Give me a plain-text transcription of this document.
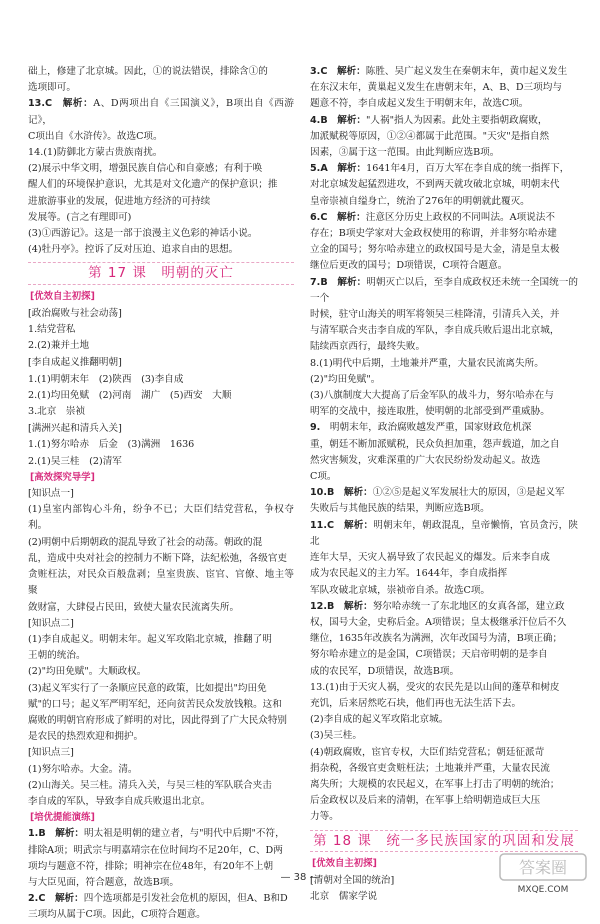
础上，修建了北京城。因此，①的说法错误，排除含①的

选项即可。

13.C　 解析：A、D两项出自《三国演义》，B项出自《西游记》，

C项出自《水浒传》。故选C项。

14.(1)防御北方蒙古贵族南扰。

(2)展示中华文明，增强民族自信心和自豪感；有利于唤

醒人们的环境保护意识，尤其是对文化遗产的保护意识；推

进旅游事业的发展，促进地方经济的可持续

发展等。(言之有理即可)

(3)①西游记》。这是一部于浪漫主义色彩的神话小说。

(4)牡丹亭》。控诉了反对压迫、追求自由的思想。

第 17 课　明朝的灭亡
[ 优效自主初探 ]

[政治腐败与社会动荡]

1.结党营私

2.(2)兼并土地

[李自成起义推翻明朝]

1.(1)明朝末年　(2)陕西　(3)李自成

2.(1)均田免赋　(2)河南　湖广　(5)西安　大顺

3.北京　崇祯

[满洲兴起和清兵入关]

1.(1)努尔哈赤　后金　(3)满洲　1636

2.(1)吴三桂　(2)清军

[ 高效探究导学 ]

[知识点一]

(1)皇室内部钩心斗角，纷争不已；大臣们结党营私，争权夺利。

(2)明朝中后期朝政的混乱导致了社会的动荡。朝政的混

乱，造成中央对社会的控制力不断下降，法纪松弛，各级官吏

贪赃枉法，对民众百般盘剥；皇室贵族、宦官、官僚、地主等聚

敛财富，大肆侵占民田，致使大量农民流离失所。

[知识点二]

(1)李自成起义。明朝末年。起义军攻陷北京城，推翻了明

王朝的统治。

(2)"均田免赋"。大顺政权。

(3)起义军实行了一条顺应民意的政策，比如提出"均田免

赋"的口号；起义军严明军纪，还向贫苦民众发放钱粮。这和

腐败的明朝官府形成了鲜明的对比，因此得到了广大民众特别

是农民的热烈欢迎和拥护。

[知识点三]

(1)努尔哈赤。大金。清。

(2)山海关。吴三桂。清兵入关，与吴三桂的军队联合夹击

李自成的军队，导致李自成兵败退出北京。

[ 培优提能演练 ]

1.B　 解析：明太祖是明朝的建立者，与"明代中后期"不符，

排除A项；明武宗与明嘉靖宗在位时间均不足20年，C、D两

项均与题意不符，排除；明神宗在位48年，有20年不上朝

与大臣见面，符合题意，故选B项。

2.C　 解析：四个选项都是引发社会危机的原因，但A、B和D

三项均从属于C项。因此，C项符合题意。

3.C　 解析：陈胜、吴广起义发生在秦朝末年，黄巾起义发生

在东汉末年，黄巢起义发生在唐朝末年，A、B、D三项均与

题意不符，李自成起义发生于明朝末年，故选C项。

4.B　 解析："人祸"指人为因素。此处主要指朝政腐败，

加派赋税等原因，①②④都属于此范围。"天灾"是指自然

因素，③属于这一范围。由此判断应选B项。

5.A　 解析：1641年4月，百万大军在李自成的统一指挥下，

对北京城发起猛烈进攻，不到两天就攻破北京城，明朝末代

皇帝崇祯自缢身亡，统治了276年的明朝就此覆灭。

6.C　 解析：注意区分历史上政权的不同叫法。A项说法不

存在；B项史学家对大金政权使用的称谓，并非努尔哈赤建

立金的国号；努尔哈赤建立的政权国号是大金，清是皇太极

继位后更改的国号；D项错误，C项符合题意。

7.B　 解析：明朝灭亡以后，至李自成政权还未统一全国统一的一个

时候，驻守山海关的明军将领吴三桂降清，引清兵入关，并

与清军联合夹击李自成的军队，李自成兵败后退出北京城，

陆续西京西行，最终失败。

8.(1)明代中后期，土地兼并严重，大量农民流离失所。

(2)"均田免赋"。

(3)八旗制度大大提高了后金军队的战斗力，努尔哈赤在与

明军的交战中，接连取胜，使明朝的北部受到严重威胁。

9.　 明朝末年，政治腐败越发严重，国家财政危机深

重，朝廷不断加派赋税，民众负担加重，怨声载道，加之自

然灾害频发，灾难深重的广大农民纷纷发动起义。故选

C项。

10.B　 解析：①②⑤是起义军发展壮大的原因，③是起义军

失败后与其他民族的结果，判断应选B项。

11.C　 解析：明朝末年，朝政混乱，皇帝懒惰，官员贪污，陕北

连年大旱，天灾人祸导致了农民起义的爆发。后来李自成

成为农民起义的主力军。1644年，李自成指挥

军队攻破北京城，崇祯帝自杀。故选C项。

12.B　 解析：努尔哈赤统一了东北地区的女真各部，建立政

权，国号大金，史称后金。A项错误；皇太极继承汗位后不久

继位，1635年改族名为满洲，次年改国号为清，B项正确；

努尔哈赤建立的是金国，C项错误；天启帝明朝的是李自

成的农民军，D项错误，故选B项。

13.(1)由于天灾人祸，受灾的农民先是以山间的蓬草和树皮

充饥，后来居然吃石块，他们再也无法生活下去。

(2)李自成的起义军攻陷北京城。

(3)吴三桂。

(4)朝政腐败，宦官专权，大臣们结党营私；朝廷征派苛

捐杂税，各级官吏贪赃枉法；土地兼并严重，大量农民流

离失所；大规模的农民起义，在军事上打击了明朝的统治；

后金政权以及后来的清朝，在军事上给明朝造成巨大压

力等。

第 18 课　统一多民族国家的巩固和发展
[ 优效自主初探 ]

[清朝对全国的统治]

北京　儒家学说

— 38 —
答案圈
MXQE.COM
